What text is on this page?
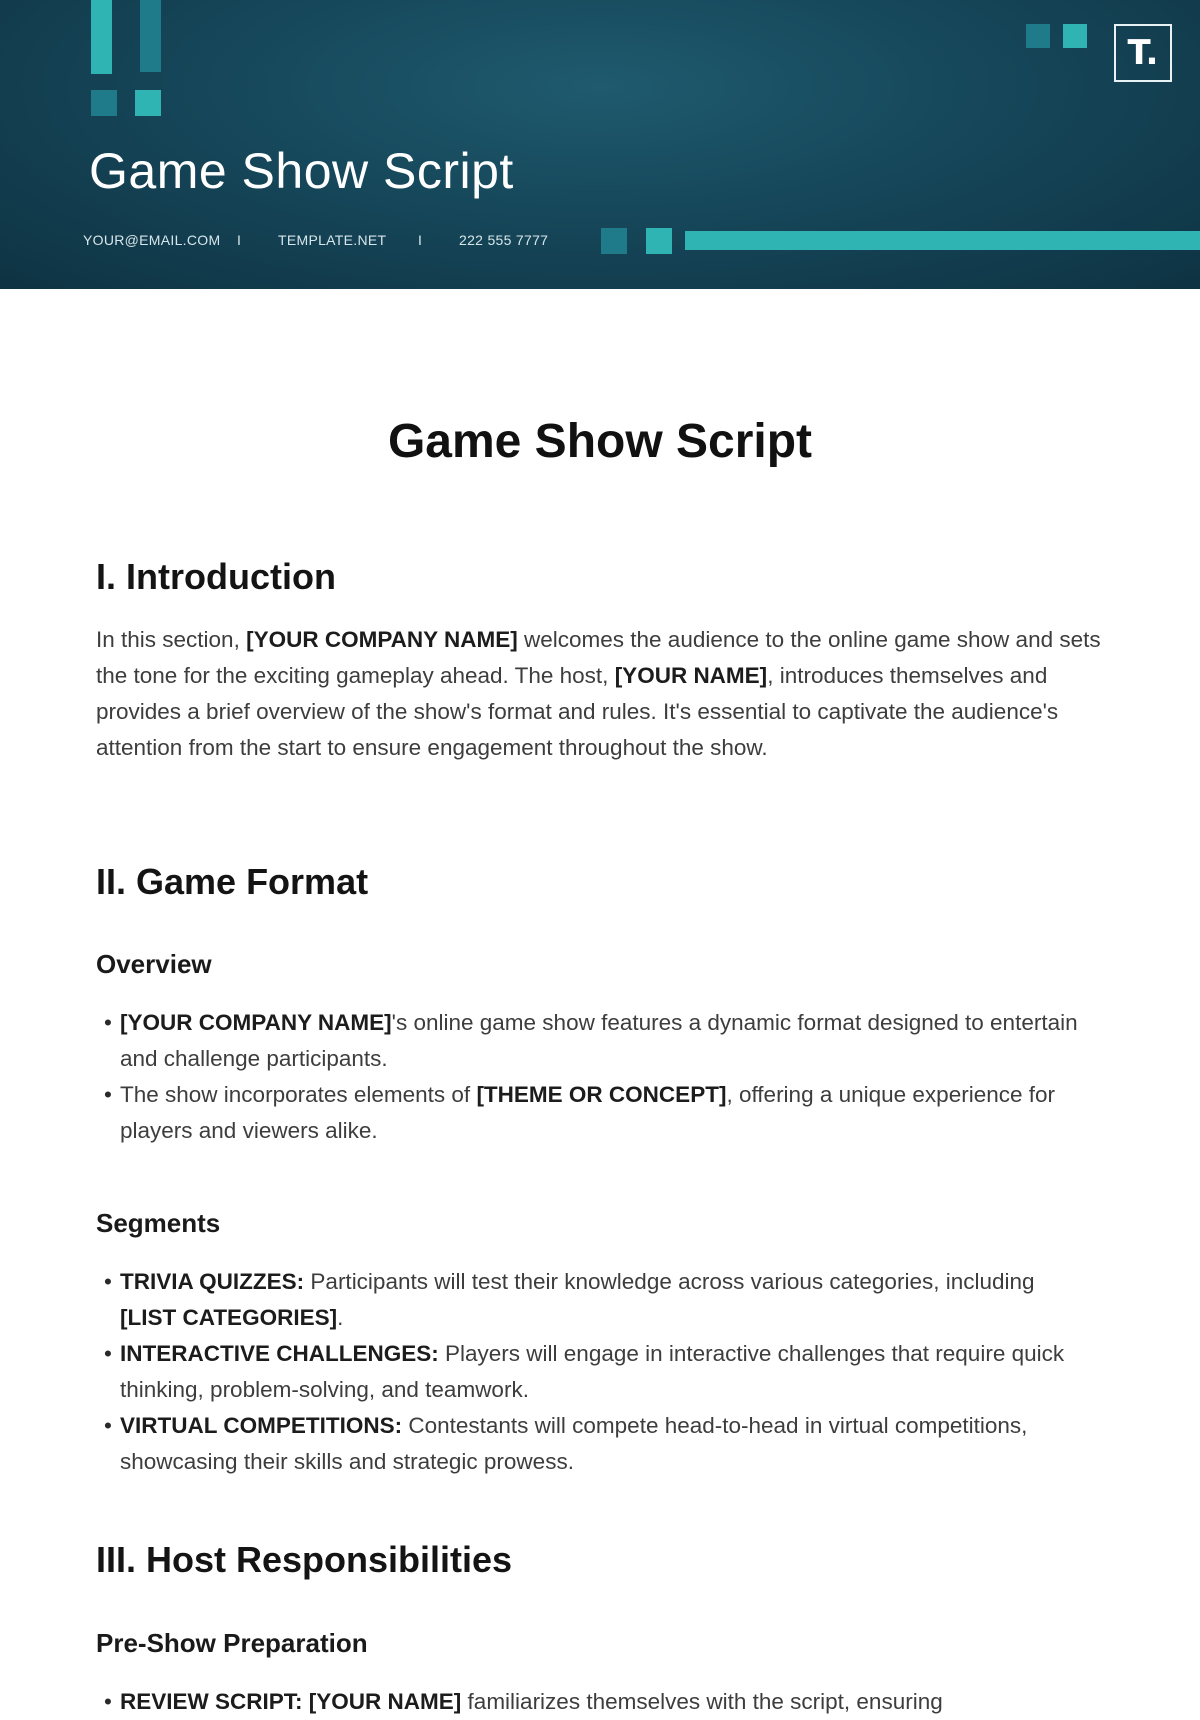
Game Show Script
YOUR@EMAIL.COM I	TEMPLATE.NET I	222 555 7777
T.
Game Show Script
I. Introduction

In this section, [YOUR COMPANY NAME] welcomes the audience to the online game show and sets the tone for the exciting gameplay ahead. The host, [YOUR NAME], introduces themselves and provides a brief overview of the show's format and rules. It's essential to captivate the audience's attention from the start to ensure engagement throughout the show.

II. Game Format
Overview
• [YOUR COMPANY NAME]'s online game show features a dynamic format designed to entertain and challenge participants.
• The show incorporates elements of [THEME OR CONCEPT], offering a unique experience for players and viewers alike.
Segments
• TRIVIA QUIZZES: Participants will test their knowledge across various categories, including [LIST CATEGORIES].
• INTERACTIVE CHALLENGES: Players will engage in interactive challenges that require quick thinking, problem-solving, and teamwork.
• VIRTUAL COMPETITIONS: Contestants will compete head-to-head in virtual competitions, showcasing their skills and strategic prowess.
III. Host Responsibilities
Pre-Show Preparation
• REVIEW SCRIPT: [YOUR NAME] familiarizes themselves with the script, ensuring
